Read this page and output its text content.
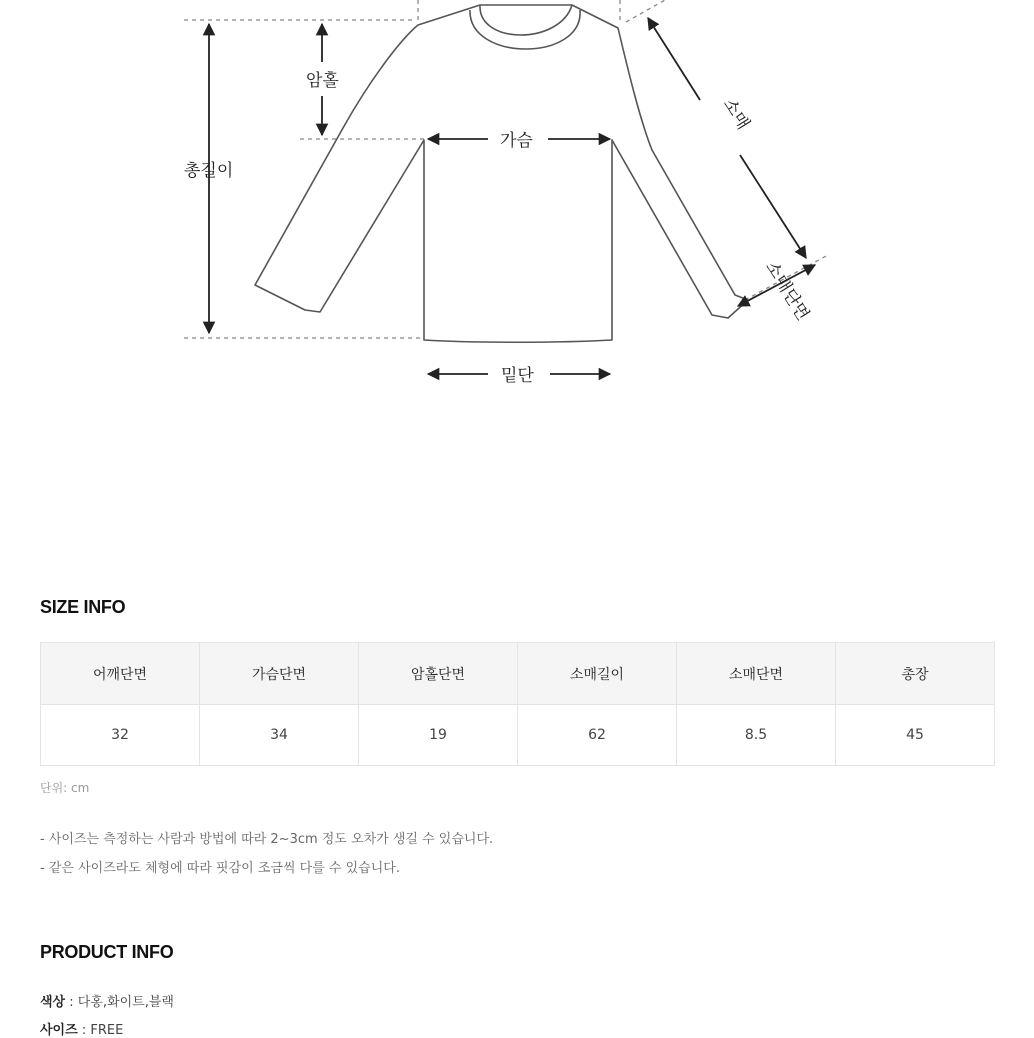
암홀
총길이
가슴
소매
소매단면
밑단
SIZE INFO
어깨단면	가슴단면	암홀단면	소매길이	소매단면	총장
32	34	19	62	8.5	45
단위: cm
- 사이즈는 측정하는 사람과 방법에 따라 2~3cm 정도 오차가 생길 수 있습니다.
- 같은 사이즈라도 체형에 따라 핏감이 조금씩 다를 수 있습니다.
PRODUCT INFO
색상 : 다홍,화이트,블랙
사이즈 : FREE
